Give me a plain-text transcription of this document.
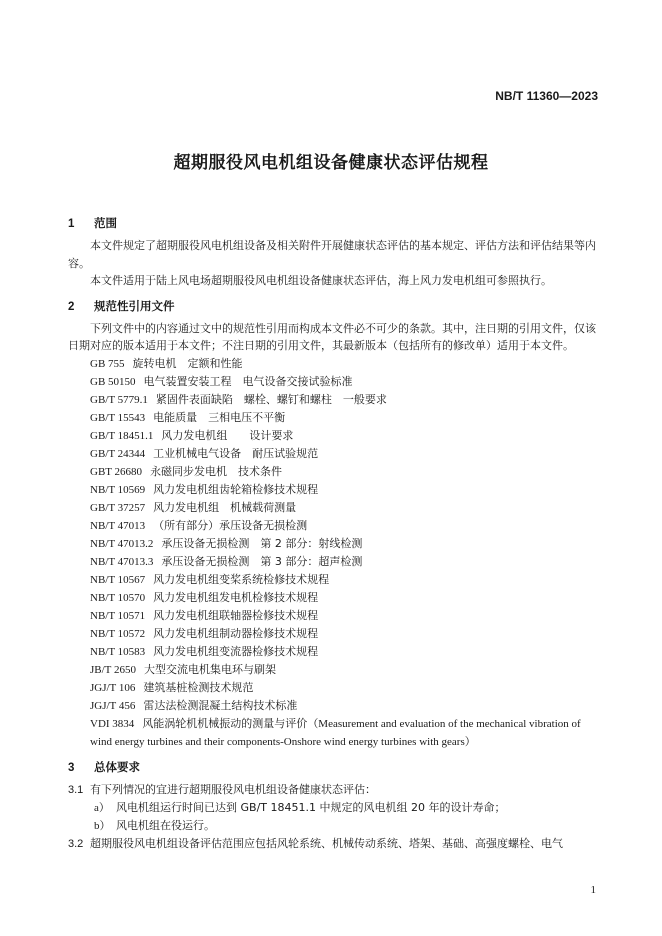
NB/T 11360—2023
超期服役风电机组设备健康状态评估规程

1 范围

本文件规定了超期服役风电机组设备及相关附件开展健康状态评估的基本规定、评估方法和评估结果等内容。

本文件适用于陆上风电场超期服役风电机组设备健康状态评估，海上风力发电机组可参照执行。

2 规范性引用文件

下列文件中的内容通过文中的规范性引用而构成本文件必不可少的条款。其中，注日期的引用文件，仅该日期对应的版本适用于本文件；不注日期的引用文件，其最新版本（包括所有的修改单）适用于本文件。

GB 755 旋转电机　定额和性能
GB 50150 电气装置安装工程　电气设备交接试验标准
GB/T 5779.1 紧固件表面缺陷　螺栓、螺钉和螺柱　一般要求
GB/T 15543 电能质量　三相电压不平衡
GB/T 18451.1 风力发电机组　　设计要求
GB/T 24344 工业机械电气设备　耐压试验规范
GBT 26680 永磁同步发电机　技术条件
NB/T 10569 风力发电机组齿轮箱检修技术规程
GB/T 37257 风力发电机组　机械载荷测量
NB/T 47013 （所有部分）承压设备无损检测
NB/T 47013.2 承压设备无损检测　第 2 部分：射线检测
NB/T 47013.3 承压设备无损检测　第 3 部分：超声检测
NB/T 10567 风力发电机组变桨系统检修技术规程
NB/T 10570 风力发电机组发电机检修技术规程
NB/T 10571 风力发电机组联轴器检修技术规程
NB/T 10572 风力发电机组制动器检修技术规程
NB/T 10583 风力发电机组变流器检修技术规程
JB/T 2650 大型交流电机集电环与刷架
JGJ/T 106 建筑基桩检测技术规范
JGJ/T 456 雷达法检测混凝土结构技术标准
VDI 3834 风能涡轮机机械振动的测量与评价（Measurement and evaluation of the mechanical vibration of wind energy turbines and their components-Onshore wind energy turbines with gears）

3 总体要求

3.1 有下列情况的宜进行超期服役风电机组设备健康状态评估：

a） 风电机组运行时间已达到 GB/T 18451.1 中规定的风电机组 20 年的设计寿命；

b） 风电机组在役运行。

3.2 超期服役风电机组设备评估范围应包括风轮系统、机械传动系统、塔架、基础、高强度螺栓、电气

1
